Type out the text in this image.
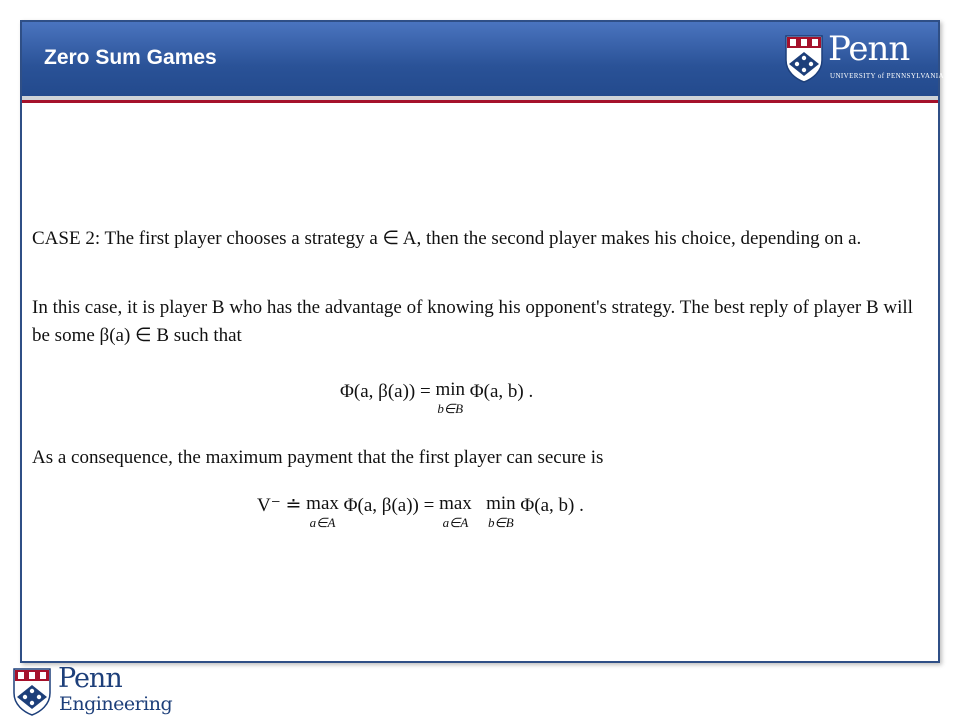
Zero Sum Games	Penn
UNIVERSITY of PENNSYLVANIA

CASE 2: The first player chooses a strategy a ∈ A, then the second player makes his choice, depending on a.

In this case, it is player B who has the advantage of knowing his opponent's strategy. The best reply of player B will be some β(a) ∈ B such that

Φ(a, β(a)) = min
b∈B
Φ(a, b) .

As a consequence, the maximum payment that the first player can secure is

V⁻ ≐ max
a∈A
Φ(a, β(a)) = max
a∈A

min
b∈B
Φ(a, b) .
Penn
Engineering
